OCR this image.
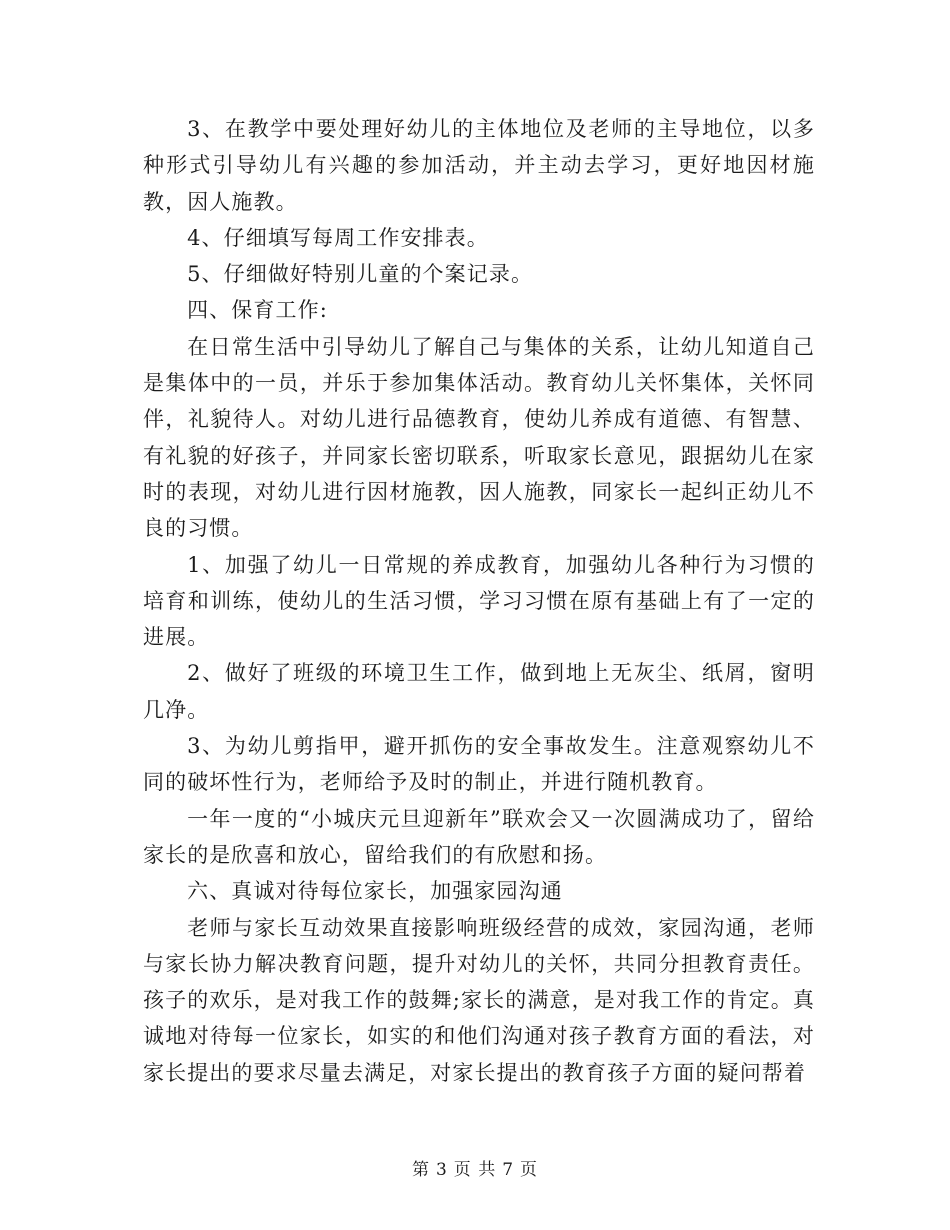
3、在教学中要处理好幼儿的主体地位及老师的主导地位，以多种形式引导幼儿有兴趣的参加活动，并主动去学习，更好地因材施教，因人施教。

4、仔细填写每周工作安排表。

5、仔细做好特别儿童的个案记录。

四、保育工作:

在日常生活中引导幼儿了解自己与集体的关系，让幼儿知道自己是集体中的一员，并乐于参加集体活动。教育幼儿关怀集体，关怀同伴，礼貌待人。对幼儿进行品德教育，使幼儿养成有道德、有智慧、有礼貌的好孩子，并同家长密切联系，听取家长意见，跟据幼儿在家时的表现，对幼儿进行因材施教，因人施教，同家长一起纠正幼儿不良的习惯。

1、加强了幼儿一日常规的养成教育，加强幼儿各种行为习惯的培育和训练，使幼儿的生活习惯，学习习惯在原有基础上有了一定的进展。

2、做好了班级的环境卫生工作，做到地上无灰尘、纸屑，窗明几净。

3、为幼儿剪指甲，避开抓伤的安全事故发生。注意观察幼儿不同的破坏性行为，老师给予及时的制止，并进行随机教育。

一年一度的“小城庆元旦迎新年”联欢会又一次圆满成功了，留给家长的是欣喜和放心，留给我们的有欣慰和扬。

六、真诚对待每位家长，加强家园沟通

老师与家长互动效果直接影响班级经营的成效，家园沟通，老师与家长协力解决教育问题，提升对幼儿的关怀，共同分担教育责任。孩子的欢乐，是对我工作的鼓舞;家长的满意，是对我工作的肯定。真诚地对待每一位家长，如实的和他们沟通对孩子教育方面的看法，对家长提出的要求尽量去满足，对家长提出的教育孩子方面的疑问帮着

第 3 页 共 7 页
